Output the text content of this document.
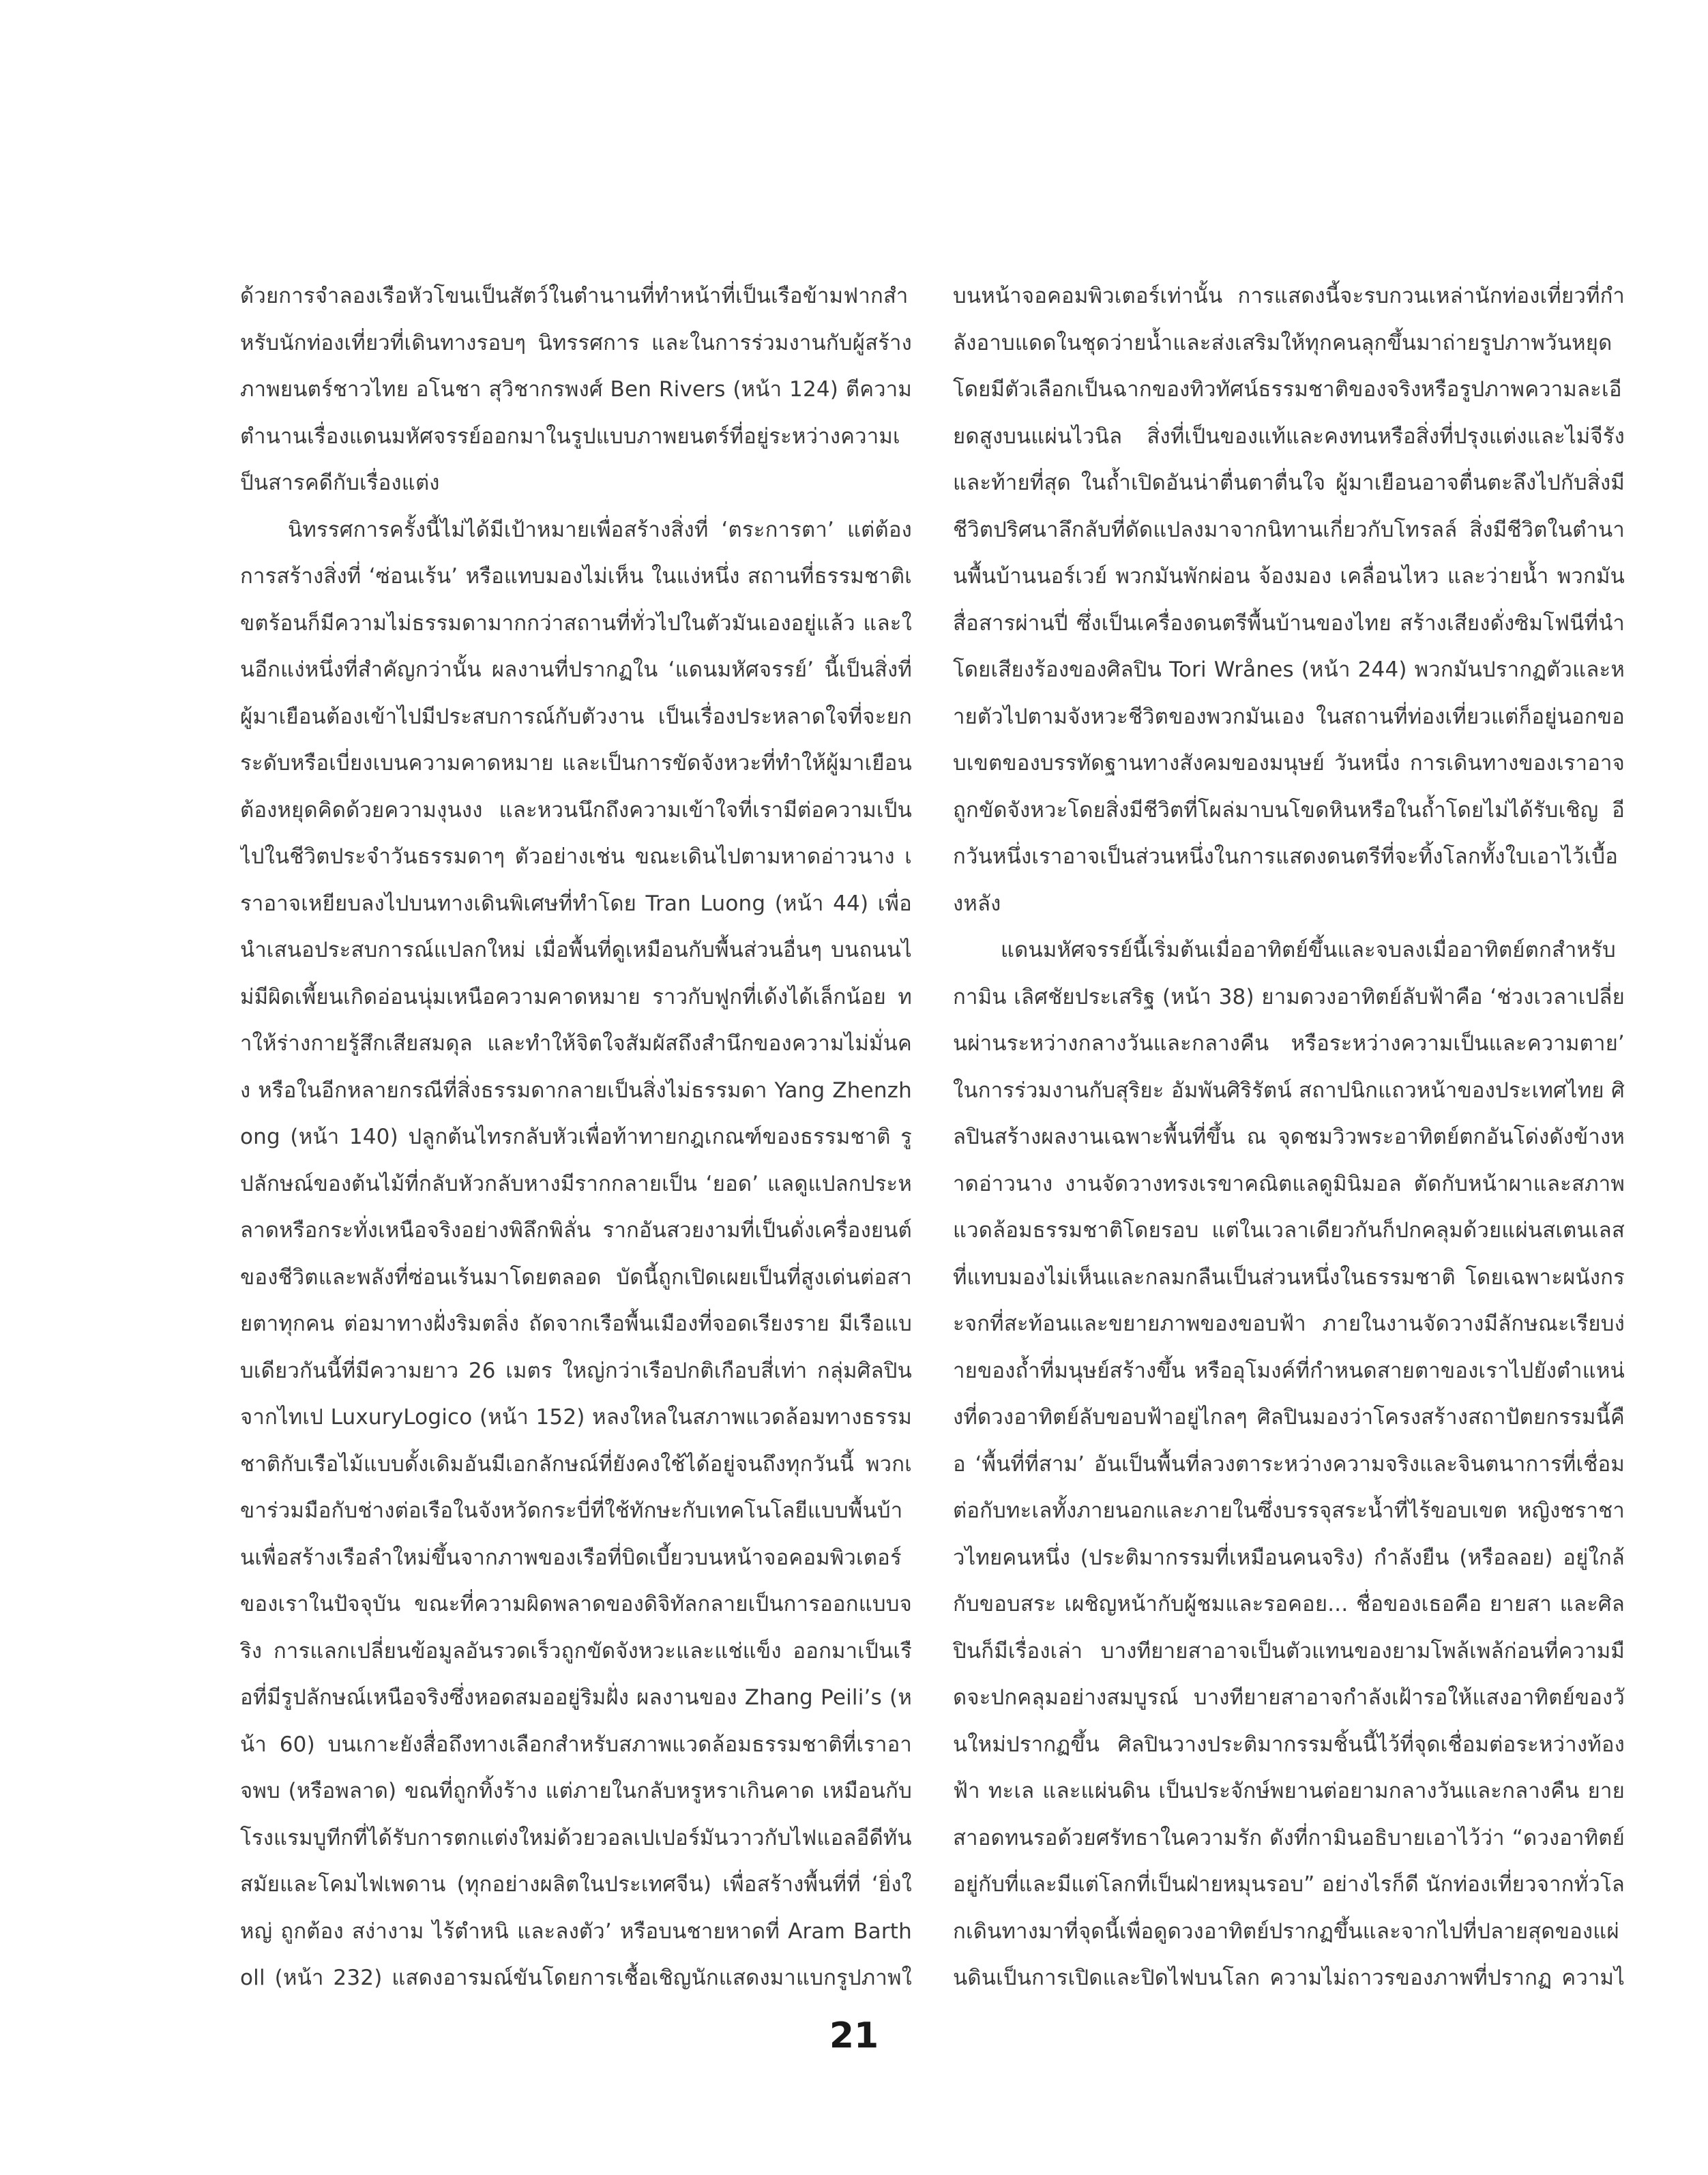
ด้วยการจำลองเรือหัวโขนเป็นสัตว์ในตำนานที่ทำหน้าที่เป็นเรือข้ามฟากสำหรับนักท่องเที่ยวที่เดินทางรอบๆ นิทรรศการ และในการร่วมงานกับผู้สร้างภาพยนตร์ชาวไทย อโนชา สุวิชากรพงศ์ Ben Rivers (หน้า 124) ตีความตำนานเรื่องแดนมหัศจรรย์ออกมาในรูปแบบภาพยนตร์ที่อยู่ระหว่างความเป็นสารคดีกับเรื่องแต่ง

นิทรรศการครั้งนี้ไม่ได้มีเป้าหมายเพื่อสร้างสิ่งที่ ‘ตระการตา’ แต่ต้องการสร้างสิ่งที่ ‘ซ่อนเร้น’ หรือแทบมองไม่เห็น ในแง่หนึ่ง สถานที่ธรรมชาติเขตร้อนก็มีความไม่ธรรมดามากกว่าสถานที่ทั่วไปในตัวมันเองอยู่แล้ว และในอีกแง่หนึ่งที่สำคัญกว่านั้น ผลงานที่ปรากฏใน ‘แดนมหัศจรรย์’ นี้เป็นสิ่งที่ผู้มาเยือนต้องเข้าไปมีประสบการณ์กับตัวงาน เป็นเรื่องประหลาดใจที่จะยกระดับหรือเบี่ยงเบนความคาดหมาย และเป็นการขัดจังหวะที่ทำให้ผู้มาเยือนต้องหยุดคิดด้วยความงุนงง และหวนนึกถึงความเข้าใจที่เรามีต่อความเป็นไปในชีวิตประจำวันธรรมดาๆ ตัวอย่างเช่น ขณะเดินไปตามหาดอ่าวนาง เราอาจเหยียบลงไปบนทางเดินพิเศษที่ทำโดย Tran Luong (หน้า 44) เพื่อนำเสนอประสบการณ์แปลกใหม่ เมื่อพื้นที่ดูเหมือนกับพื้นส่วนอื่นๆ บนถนนไม่มีผิดเพี้ยนเกิดอ่อนนุ่มเหนือความคาดหมาย ราวกับฟูกที่เด้งได้เล็กน้อย ทำให้ร่างกายรู้สึกเสียสมดุล และทำให้จิตใจสัมผัสถึงสำนึกของความไม่มั่นคง หรือในอีกหลายกรณีที่สิ่งธรรมดากลายเป็นสิ่งไม่ธรรมดา Yang Zhenzhong (หน้า 140) ปลูกต้นไทรกลับหัวเพื่อท้าทายกฎเกณฑ์ของธรรมชาติ รูปลักษณ์ของต้นไม้ที่กลับหัวกลับหางมีรากกลายเป็น ‘ยอด’ แลดูแปลกประหลาดหรือกระทั่งเหนือจริงอย่างพิลึกพิลั่น รากอันสวยงามที่เป็นดั่งเครื่องยนต์ของชีวิตและพลังที่ซ่อนเร้นมาโดยตลอด บัดนี้ถูกเปิดเผยเป็นที่สูงเด่นต่อสายตาทุกคน ต่อมาทางฝั่งริมตลิ่ง ถัดจากเรือพื้นเมืองที่จอดเรียงราย มีเรือแบบเดียวกันนี้ที่มีความยาว 26 เมตร ใหญ่กว่าเรือปกติเกือบสี่เท่า กลุ่มศิลปินจากไทเป LuxuryLogico (หน้า 152) หลงใหลในสภาพแวดล้อมทางธรรมชาติกับเรือไม้แบบดั้งเดิมอันมีเอกลักษณ์ที่ยังคงใช้ได้อยู่จนถึงทุกวันนี้ พวกเขาร่วมมือกับช่างต่อเรือในจังหวัดกระบี่ที่ใช้ทักษะกับเทคโนโลยีแบบพื้นบ้านเพื่อสร้างเรือลำใหม่ขึ้นจากภาพของเรือที่บิดเบี้ยวบนหน้าจอคอมพิวเตอร์ของเราในปัจจุบัน ขณะที่ความผิดพลาดของดิจิทัลกลายเป็นการออกแบบจริง การแลกเปลี่ยนข้อมูลอันรวดเร็วถูกขัดจังหวะและแช่แข็ง ออกมาเป็นเรือที่มีรูปลักษณ์เหนือจริงซึ่งหอดสมออยู่ริมฝั่ง ผลงานของ Zhang Peili’s (หน้า 60) บนเกาะยังสื่อถึงทางเลือกสำหรับสภาพแวดล้อมธรรมชาติที่เราอาจพบ (หรือพลาด) ขณที่ถูกทิ้งร้าง แต่ภายในกลับหรูหราเกินคาด เหมือนกับโรงแรมบูทีกที่ได้รับการตกแต่งใหม่ด้วยวอลเปเปอร์มันวาวกับไฟแอลอีดีทันสมัยและโคมไฟเพดาน (ทุกอย่างผลิตในประเทศจีน) เพื่อสร้างพื้นที่ที่ ‘ยิ่งใหญ่ ถูกต้อง สง่างาม ไร้ตำหนิ และลงตัว’ หรือบนชายหาดที่ Aram Bartholl (หน้า 232) แสดงอารมณ์ขันโดยการเชื้อเชิญนักแสดงมาแบกรูปภาพใ

บนหน้าจอคอมพิวเตอร์เท่านั้น การแสดงนี้จะรบกวนเหล่านักท่องเที่ยวที่กำลังอาบแดดในชุดว่ายน้ำและส่งเสริมให้ทุกคนลุกขึ้นมาถ่ายรูปภาพวันหยุด โดยมีตัวเลือกเป็นฉากของทิวทัศน์ธรรมชาติของจริงหรือรูปภาพความละเอียดสูงบนแผ่นไวนิล สิ่งที่เป็นของแท้และคงทนหรือสิ่งที่ปรุงแต่งและไม่จีรัง และท้ายที่สุด ในถ้ำเปิดอันน่าตื่นตาตื่นใจ ผู้มาเยือนอาจตื่นตะลึงไปกับสิ่งมีชีวิตปริศนาลึกลับที่ดัดแปลงมาจากนิทานเกี่ยวกับโทรลล์ สิ่งมีชีวิตในตำนานพื้นบ้านนอร์เวย์ พวกมันพักผ่อน จ้องมอง เคลื่อนไหว และว่ายน้ำ พวกมันสื่อสารผ่านปี่ ซึ่งเป็นเครื่องดนตรีพื้นบ้านของไทย สร้างเสียงดั่งซิมโฟนีที่นำโดยเสียงร้องของศิลปิน Tori Wrånes (หน้า 244) พวกมันปรากฏตัวและหายตัวไปตามจังหวะชีวิตของพวกมันเอง ในสถานที่ท่องเที่ยวแต่ก็อยู่นอกขอบเขตของบรรทัดฐานทางสังคมของมนุษย์ วันหนึ่ง การเดินทางของเราอาจถูกขัดจังหวะโดยสิ่งมีชีวิตที่โผล่มาบนโขดหินหรือในถ้ำโดยไม่ได้รับเชิญ อีกวันหนึ่งเราอาจเป็นส่วนหนึ่งในการแสดงดนตรีที่จะทิ้งโลกทั้งใบเอาไว้เบื้องหลัง

แดนมหัศจรรย์นี้เริ่มต้นเมื่ออาทิตย์ขึ้นและจบลงเมื่ออาทิตย์ตกสำหรับกามิน เลิศชัยประเสริฐ (หน้า 38) ยามดวงอาทิตย์ลับฟ้าคือ ‘ช่วงเวลาเปลี่ยนผ่านระหว่างกลางวันและกลางคืน หรือระหว่างความเป็นและความตาย’ ในการร่วมงานกับสุริยะ อัมพันศิริรัตน์ สถาปนิกแถวหน้าของประเทศไทย ศิลปินสร้างผลงานเฉพาะพื้นที่ขึ้น ณ จุดชมวิวพระอาทิตย์ตกอันโด่งดังข้างหาดอ่าวนาง งานจัดวางทรงเรขาคณิตแลดูมินิมอล ตัดกับหน้าผาและสภาพแวดล้อมธรรมชาติโดยรอบ แต่ในเวลาเดียวกันก็ปกคลุมด้วยแผ่นสเตนเลสที่แทบมองไม่เห็นและกลมกลืนเป็นส่วนหนึ่งในธรรมชาติ โดยเฉพาะผนังกระจกที่สะท้อนและขยายภาพของขอบฟ้า ภายในงานจัดวางมีลักษณะเรียบง่ายของถ้ำที่มนุษย์สร้างขึ้น หรืออุโมงค์ที่กำหนดสายตาของเราไปยังตำแหน่งที่ดวงอาทิตย์ลับขอบฟ้าอยู่ไกลๆ ศิลปินมองว่าโครงสร้างสถาปัตยกรรมนี้คือ ‘พื้นที่ที่สาม’ อันเป็นพื้นที่ลวงตาระหว่างความจริงและจินตนาการที่เชื่อมต่อกับทะเลทั้งภายนอกและภายในซึ่งบรรจุสระน้ำที่ไร้ขอบเขต หญิงชราชาวไทยคนหนึ่ง (ประติมากรรมที่เหมือนคนจริง) กำลังยืน (หรือลอย) อยู่ใกล้กับขอบสระ เผชิญหน้ากับผู้ชมและรอคอย... ชื่อของเธอคือ ยายสา และศิลปินก็มีเรื่องเล่า บางทียายสาอาจเป็นตัวแทนของยามโพล้เพล้ก่อนที่ความมืดจะปกคลุมอย่างสมบูรณ์ บางทียายสาอาจกำลังเฝ้ารอให้แสงอาทิตย์ของวันใหม่ปรากฏขึ้น ศิลปินวางประติมากรรมชิ้นนี้ไว้ที่จุดเชื่อมต่อระหว่างท้องฟ้า ทะเล และแผ่นดิน เป็นประจักษ์พยานต่อยามกลางวันและกลางคืน ยายสาอดทนรอด้วยศรัทธาในความรัก ดังที่กามินอธิบายเอาไว้ว่า “ดวงอาทิตย์อยู่กับที่และมีแต่โลกที่เป็นฝ่ายหมุนรอบ” อย่างไรก็ดี นักท่องเที่ยวจากทั่วโลกเดินทางมาที่จุดนี้เพื่อดูดวงอาทิตย์ปรากฏขึ้นและจากไปที่ปลายสุดของแผ่นดินเป็นการเปิดและปิดไฟบนโลก ความไม่ถาวรของภาพที่ปรากฏ ความไ

21
